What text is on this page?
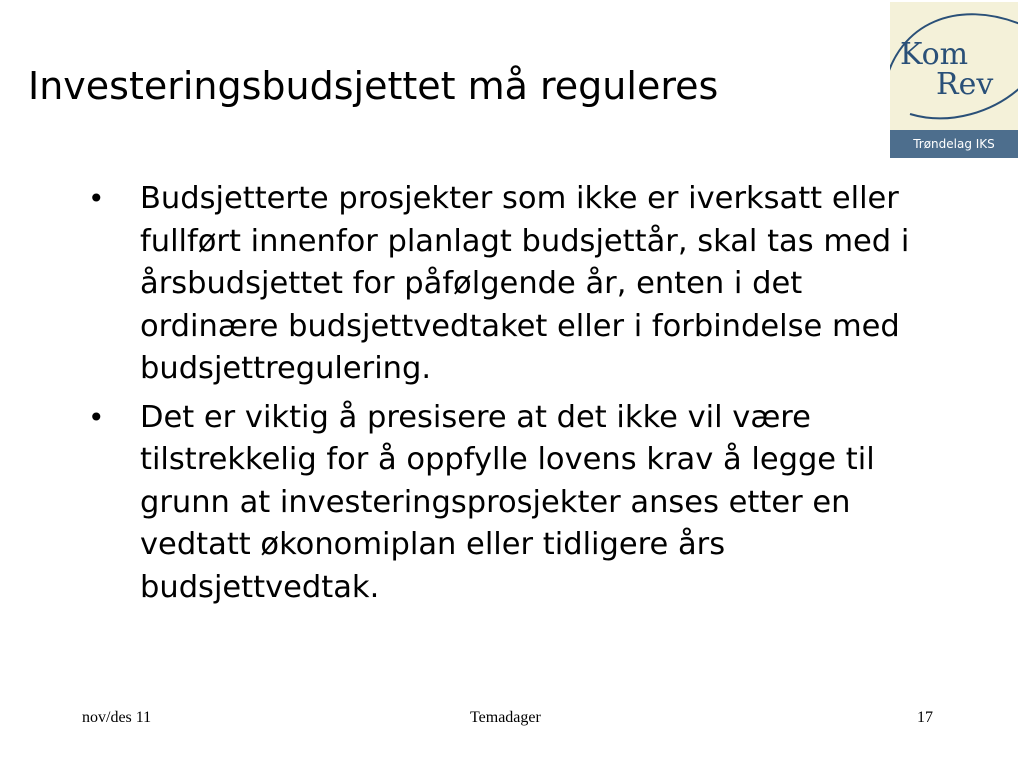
Investeringsbudsjettet må reguleres
Kom
Rev
Trøndelag IKS
• Budsjetterte prosjekter som ikke er iverksatt eller fullført innenfor planlagt budsjettår, skal tas med i årsbudsjettet for påfølgende år, enten i det ordinære budsjettvedtaket eller i forbindelse med budsjettregulering.
• Det er viktig å presisere at det ikke vil være tilstrekkelig for å oppfylle lovens krav å legge til grunn at investeringsprosjekter anses etter en vedtatt økonomiplan eller tidligere års budsjettvedtak.
nov/des 11	Temadager	17
